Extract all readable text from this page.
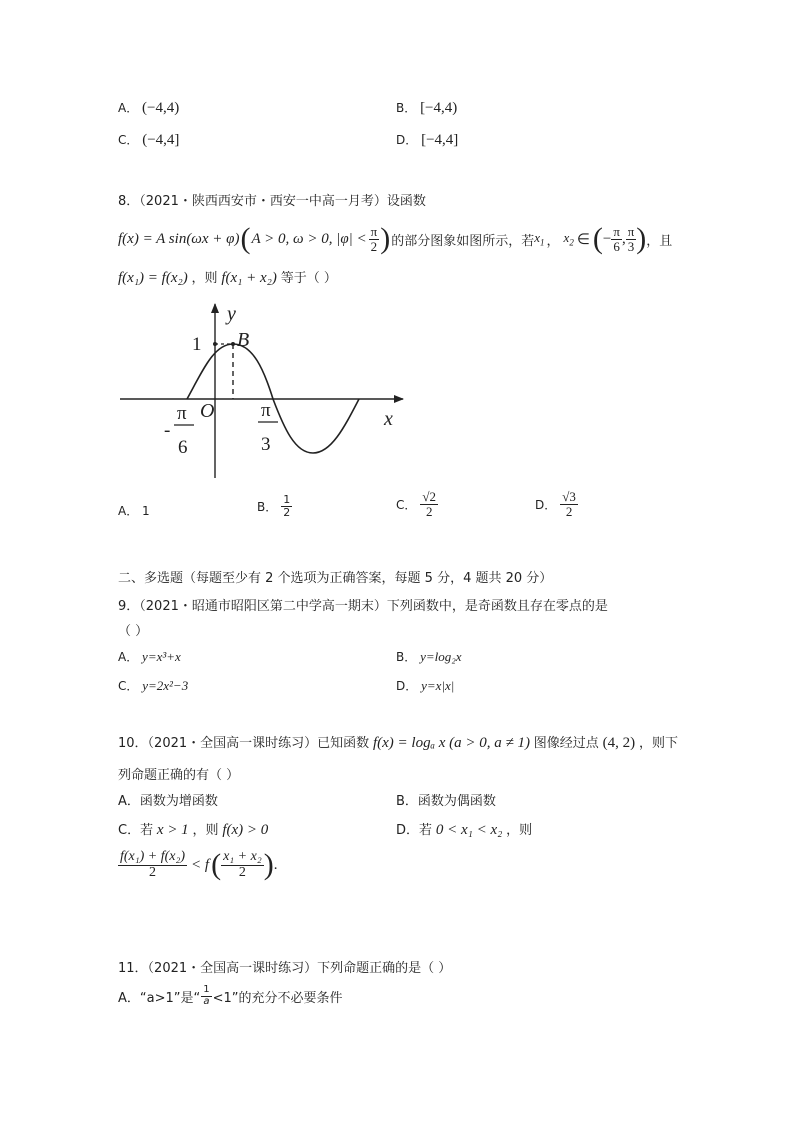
A． (−4,4)	B． [−4,4)
C． (−4,4]	D． [−4,4]
8．（2021・陕西西安市・西安一中高一月考）设函数
f(x) = A sin(ωx + φ) ( A > 0, ω > 0, $|\varphi| < \frac{\pi}{2}$ ) 的部分图象如图所示，若 $x_1$ ， $x_2$ ∈ ( − $\frac{\pi}{6}$ , $\frac{\pi}{3}$ ) ，且
f(x₁) = f(x₂) ，则 f(x₁ + x₂) 等于（ ）
y
x
O
B
1
-
π
6
π
3
A． 1	B． $\frac{1}{2}$	C． $\frac{√2}{2}$	D． $\frac{√3}{2}$
二、多选题（每题至少有 2 个选项为正确答案，每题 5 分，4 题共 20 分）
9．（2021・昭通市昭阳区第二中学高一期末）下列函数中，是奇函数且存在零点的是
（ ）
A． y=x³+x	B． y=log₂x
C． y=2x²−3	D． y=x|x|
10．（2021・全国高一课时练习）已知函数 f(x) = logₐ x (a > 0, a ≠ 1) 图像经过点 (4, 2) ，则下
列命题正确的有（ ）
A．函数为增函数	B．函数为偶函数
C．若 x > 1 ，则 f(x) > 0	D．若 0 < x₁ < x₂ ，则
$\frac{\text{f(x₁) + f(x₂)}}{2} < f$ ( $\frac{\text{x₁ + x₂}}{2}$ ) .
11．（2021・全国高一课时练习）下列命题正确的是（ ）
A．“a>1”是“ $\frac{1}{a} <1$”的充分不必要条件
